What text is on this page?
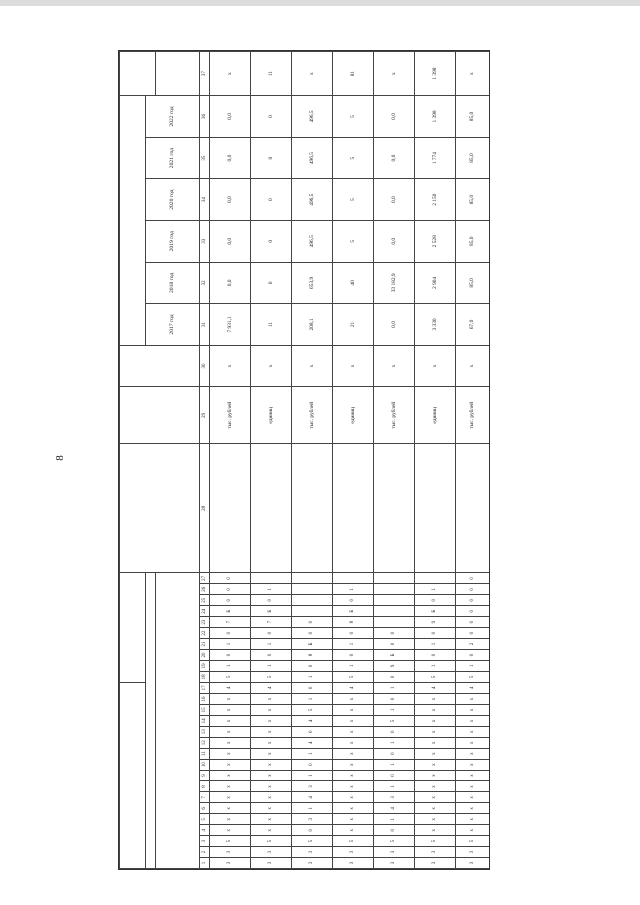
8

																														2017 год	2018 год	2019 год	2020 год	2021 год	2022 год	

1	2	3	4	5	6	7	8	9	10	11	12	13	14	15	16	17	18	19	20	21	22	23	24	25	26	27	28	29	30	31	32	33	34	35	36	37
3	3	5	х	х	х	х	х	х	х	х	х	х	х	х	х	4	5	1	0	1	0	7	Б	0	0	0		тыс. рублей	х	7 931,1	0,0	0,0	0,0	0,0	0,0	х
3	3	5	х	х	х	х	х	х	х	х	х	х	х	х	х	4	5	1	0	1	0	7	Б	0	1			единиц	х	11	0	0	0	0	0	11
3	3	5	0	3	1	4	3	1	0	1	4	0	4	5	1	0	1	0	8	Б	0	0						тыс. рублей	х	208,1	653,9	496,5	496,5	496,5	496,5	х
3	3	5	х	х	х	х	х	х	х	х	х	х	х	х	х	4	5	1	0	1	0	8	Б	0	1			единиц	х	21	40	5	5	5	5	81
3	3	5	0	1	4	3	1	0	1	0	1	0	5	1	0	1	0	9	Б	0	0							тыс. рублей	х	0,0	33 182,9	0,0	0,0	0,0	0,0	х
3	3	5	х	х	х	х	х	х	х	х	х	х	х	х	х	4	5	1	0	1	0	9	Б	0	1			единиц	х	3 330	2 904	2 528	2 150	1 774	1 398	1 398
3	3	5	х	х	х	х	х	х	х	х	х	х	х	х	х	4	5	1	0	2	0	0	0	0	0	0		тыс. рублей	х	67,0	85,0	85,0	85,0	85,0	85,0	х
